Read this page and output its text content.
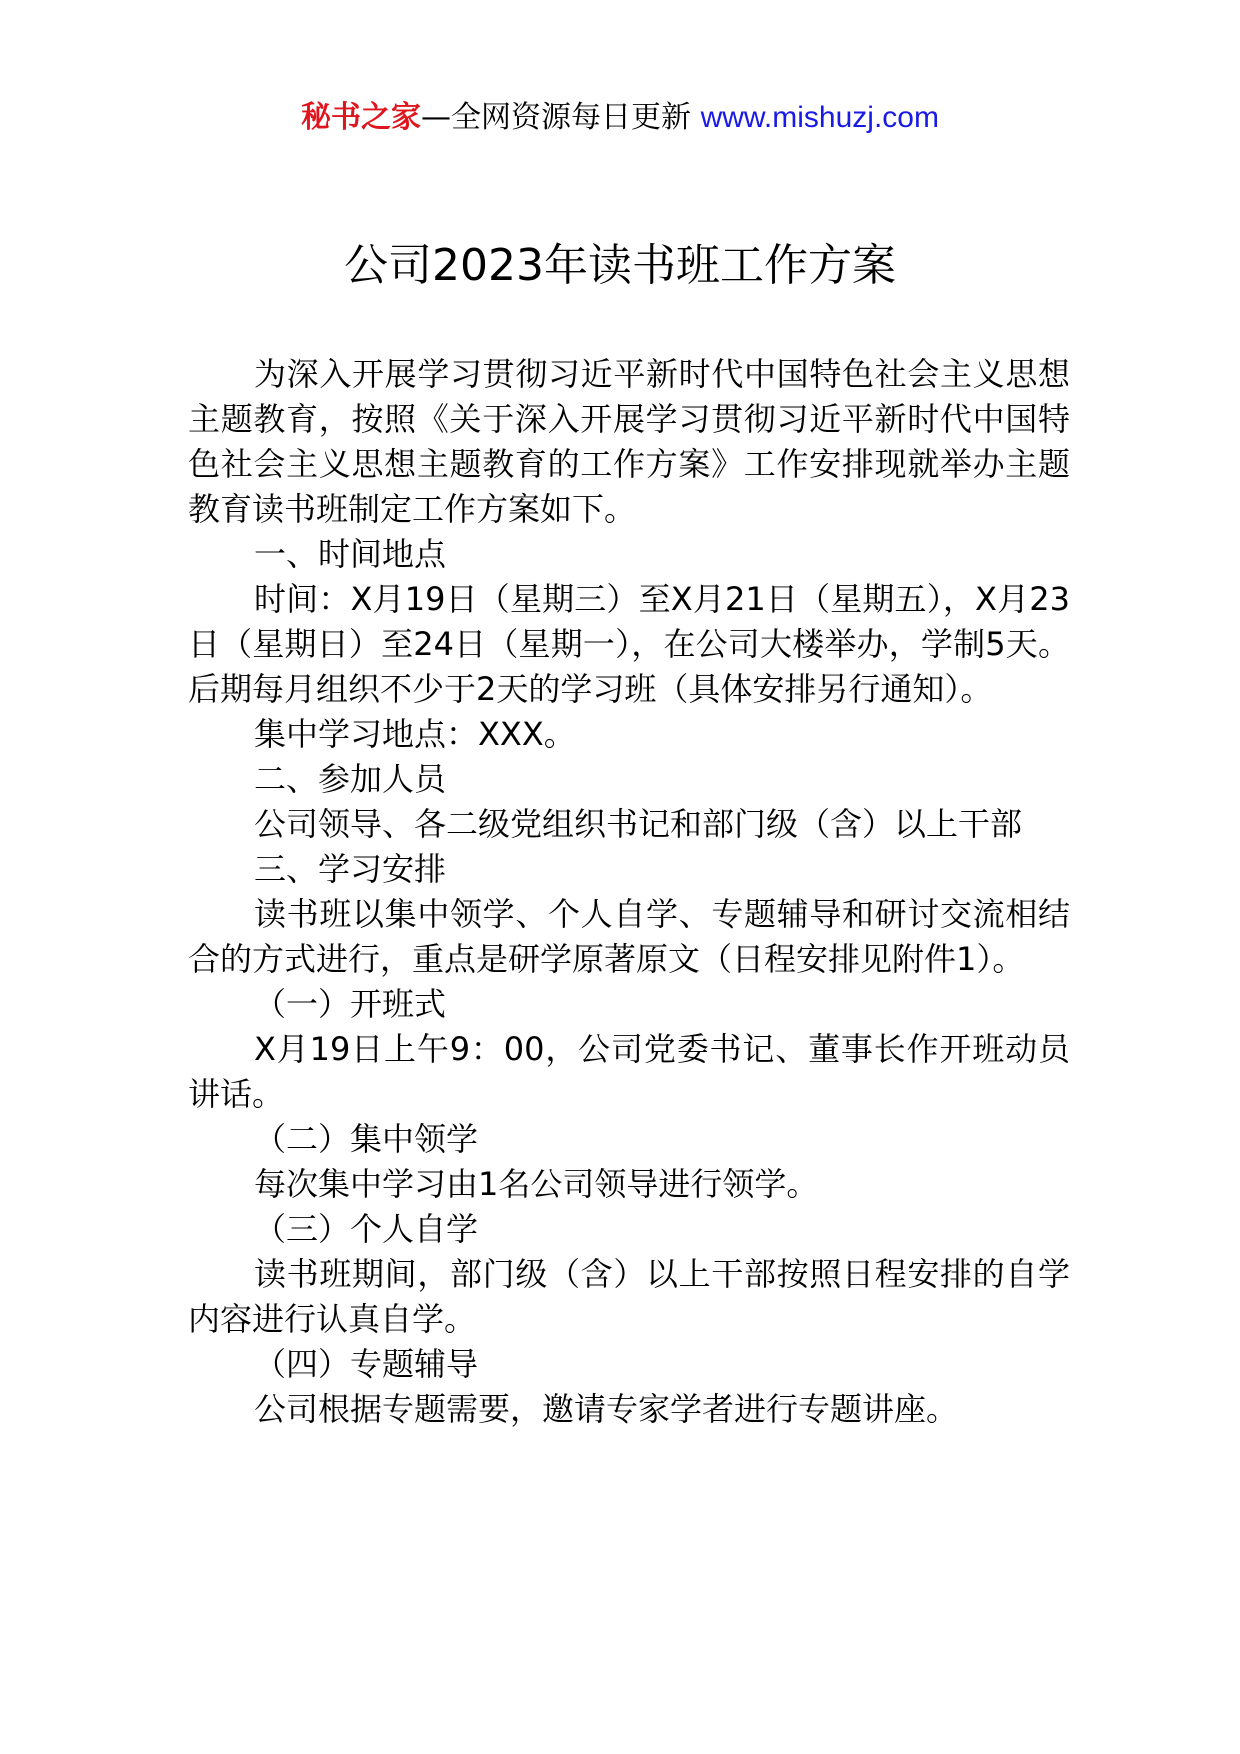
秘书之家—全网资源每日更新 www.mishuzj.com
公司2023年读书班工作方案

为深入开展学习贯彻习近平新时代中国特色社会主义思想主题教育，按照《关于深入开展学习贯彻习近平新时代中国特色社会主义思想主题教育的工作方案》工作安排现就举办主题教育读书班制定工作方案如下。

一、时间地点

时间：X月19日（星期三）至X月21日（星期五），X月23日（星期日）至24日（星期一），在公司大楼举办，学制5天。后期每月组织不少于2天的学习班（具体安排另行通知）。

集中学习地点：XXX。

二、参加人员

公司领导、各二级党组织书记和部门级（含）以上干部

三、学习安排

读书班以集中领学、个人自学、专题辅导和研讨交流相结合的方式进行，重点是研学原著原文（日程安排见附件1）。

（一）开班式

X月19日上午9：00，公司党委书记、董事长作开班动员讲话。

（二）集中领学

每次集中学习由1名公司领导进行领学。

（三）个人自学

读书班期间，部门级（含）以上干部按照日程安排的自学内容进行认真自学。

（四）专题辅导

公司根据专题需要，邀请专家学者进行专题讲座。
